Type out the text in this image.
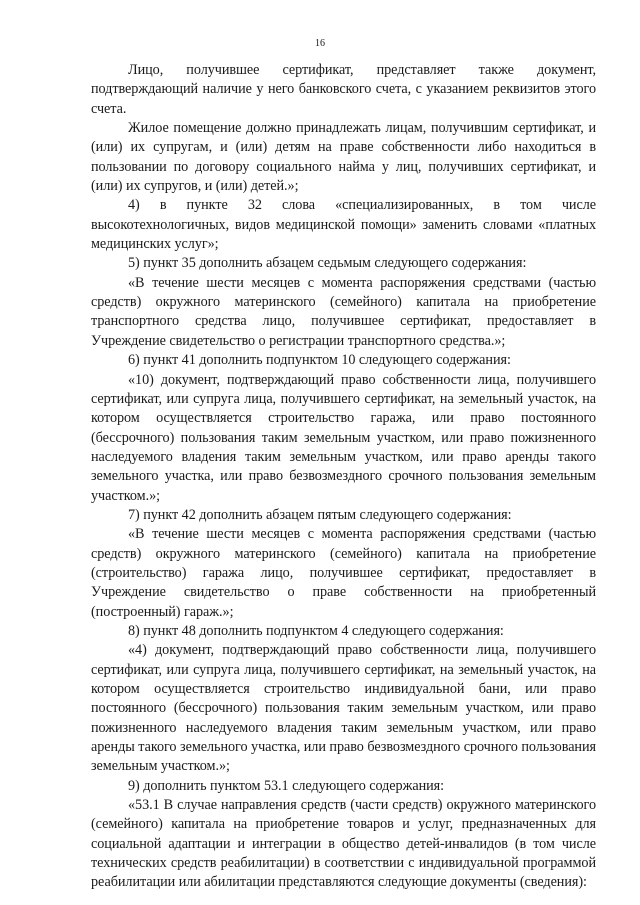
16

Лицо, получившее сертификат, представляет также документ, подтверждающий наличие у него банковского счета, с указанием реквизитов этого счета.

Жилое помещение должно принадлежать лицам, получившим сертификат, и (или) их супругам, и (или) детям на праве собственности либо находиться в пользовании по договору социального найма у лиц, получивших сертификат, и (или) их супругов, и (или) детей.»;

4) в пункте 32 слова «специализированных, в том числе высокотехнологичных, видов медицинской помощи» заменить словами «платных медицинских услуг»;

5) пункт 35 дополнить абзацем седьмым следующего содержания:

«В течение шести месяцев с момента распоряжения средствами (частью средств) окружного материнского (семейного) капитала на приобретение транспортного средства лицо, получившее сертификат, предоставляет в Учреждение свидетельство о регистрации транспортного средства.»;

6) пункт 41 дополнить подпунктом 10 следующего содержания:

«10) документ, подтверждающий право собственности лица, получившего сертификат, или супруга лица, получившего сертификат, на земельный участок, на котором осуществляется строительство гаража, или право постоянного (бессрочного) пользования таким земельным участком, или право пожизненного наследуемого владения таким земельным участком, или право аренды такого земельного участка, или право безвозмездного срочного пользования земельным участком.»;

7) пункт 42 дополнить абзацем пятым следующего содержания:

«В течение шести месяцев с момента распоряжения средствами (частью средств) окружного материнского (семейного) капитала на приобретение (строительство) гаража лицо, получившее сертификат, предоставляет в Учреждение свидетельство о праве собственности на приобретенный (построенный) гараж.»;

8) пункт 48 дополнить подпунктом 4 следующего содержания:

«4) документ, подтверждающий право собственности лица, получившего сертификат, или супруга лица, получившего сертификат, на земельный участок, на котором осуществляется строительство индивидуальной бани, или право постоянного (бессрочного) пользования таким земельным участком, или право пожизненного наследуемого владения таким земельным участком, или право аренды такого земельного участка, или право безвозмездного срочного пользования земельным участком.»;

9) дополнить пунктом 53.1 следующего содержания:

«53.1 В случае направления средств (части средств) окружного материнского (семейного) капитала на приобретение товаров и услуг, предназначенных для социальной адаптации и интеграции в общество детей-инвалидов (в том числе технических средств реабилитации) в соответствии с индивидуальной программой реабилитации или абилитации представляются следующие документы (сведения):
